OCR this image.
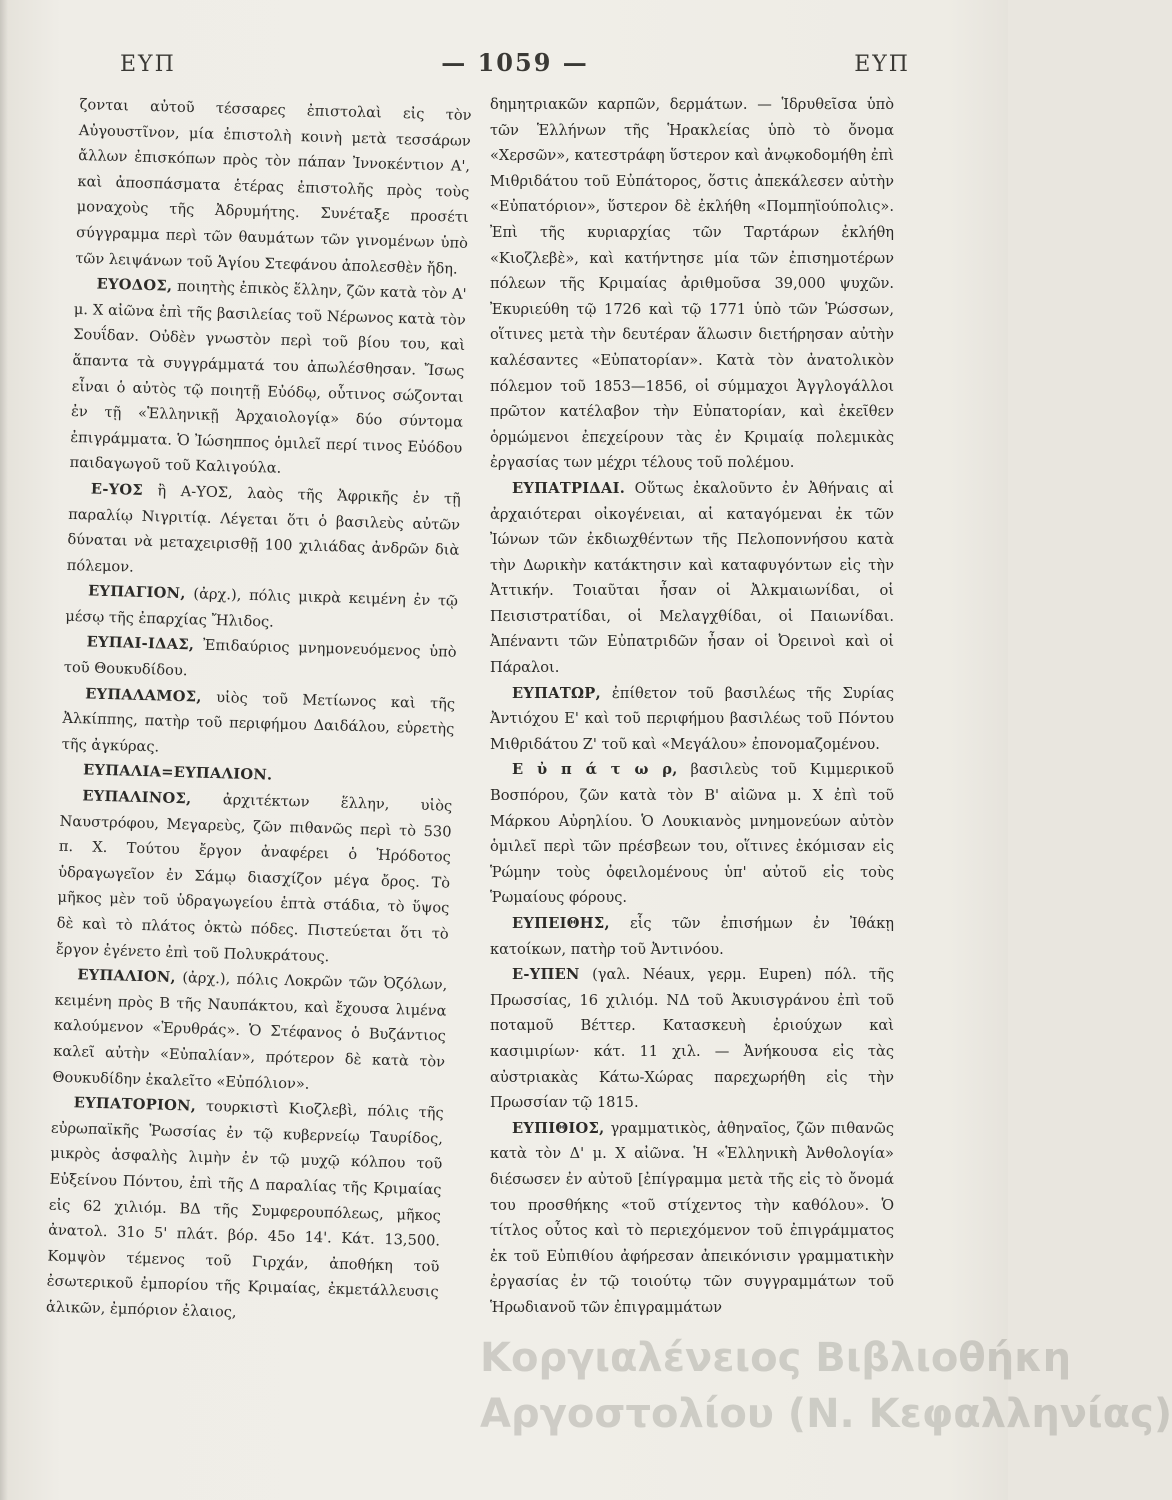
ΕΥΠ	— 1059 —	ΕΥΠ

ζονται αὐτοῦ τέσσαρες ἐπιστολαὶ εἰς τὸν Αὐγουστῖνον, μία ἐπιστολὴ κοινὴ μετὰ τεσσάρων ἄλλων ἐπισκόπων πρὸς τὸν πάπαν Ἰννοκέντιον Α', καὶ ἀποσπάσματα ἑτέρας ἐπιστολῆς πρὸς τοὺς μοναχοὺς τῆς Ἀδρυμήτης. Συνέταξε προσέτι σύγγραμμα περὶ τῶν θαυμάτων τῶν γινομένων ὑπὸ τῶν λειψάνων τοῦ Ἁγίου Στεφάνου ἀπολεσθὲν ἤδη.

ΕΥΟΔΟΣ, ποιητὴς ἐπικὸς ἕλλην, ζῶν κατὰ τὸν Α' μ. Χ αἰῶνα ἐπὶ τῆς βασιλείας τοῦ Νέρωνος κατὰ τὸν Σουΐδαν. Οὐδὲν γνωστὸν περὶ τοῦ βίου του, καὶ ἅπαντα τὰ συγγράμματά του ἀπωλέσθησαν. Ἴσως εἶναι ὁ αὐτὸς τῷ ποιητῇ Εὐόδῳ, οὗτινος σώζονται ἐν τῇ «Ἑλληνικῇ Ἀρχαιολογίᾳ» δύο σύντομα ἐπιγράμματα. Ὁ Ἰώσηππος ὁμιλεῖ περί τινος Εὐόδου παιδαγωγοῦ τοῦ Καλιγούλα.

Ε-ΥΟΣ ἢ Α-ΥΟΣ, λαὸς τῆς Ἀφρικῆς ἐν τῇ παραλίῳ Νιγριτίᾳ. Λέγεται ὅτι ὁ βασιλεὺς αὐτῶν δύναται νὰ μεταχειρισθῇ 100 χιλιάδας ἀνδρῶν διὰ πόλεμον.

ΕΥΠΑΓΙΟΝ, (ἀρχ.), πόλις μικρὰ κειμένη ἐν τῷ μέσῳ τῆς ἐπαρχίας Ἤλιδος.

ΕΥΠΑΙ-ΙΔΑΣ, Ἐπιδαύριος μνημονευόμενος ὑπὸ τοῦ Θουκυδίδου.

ΕΥΠΑΛΑΜΟΣ, υἱὸς τοῦ Μετίωνος καὶ τῆς Ἀλκίππης, πατὴρ τοῦ περιφήμου Δαιδάλου, εὑρετὴς τῆς ἀγκύρας.

ΕΥΠΑΛΙΑ=ΕΥΠΑΛΙΟΝ.

ΕΥΠΑΛΙΝΟΣ, ἀρχιτέκτων ἕλλην, υἱὸς Ναυστρόφου, Μεγαρεὺς, ζῶν πιθανῶς περὶ τὸ 530 π. Χ. Τούτου ἔργον ἀναφέρει ὁ Ἡρόδοτος ὑδραγωγεῖον ἐν Σάμῳ διασχίζον μέγα ὄρος. Τὸ μῆκος μὲν τοῦ ὑδραγωγείου ἑπτὰ στάδια, τὸ ὕψος δὲ καὶ τὸ πλάτος ὀκτὼ πόδες. Πιστεύεται ὅτι τὸ ἔργον ἐγένετο ἐπὶ τοῦ Πολυκράτους.

ΕΥΠΑΛΙΟΝ, (ἀρχ.), πόλις Λοκρῶν τῶν Ὀζόλων, κειμένη πρὸς Β τῆς Ναυπάκτου, καὶ ἔχουσα λιμένα καλούμενον «Ἐρυθράς». Ὁ Στέφανος ὁ Βυζάντιος καλεῖ αὐτὴν «Εὐπαλίαν», πρότερον δὲ κατὰ τὸν Θουκυδίδην ἐκαλεῖτο «Εὐπόλιον».

ΕΥΠΑΤΟΡΙΟΝ, τουρκιστὶ Κιοζλεβὶ, πόλις τῆς εὐρωπαϊκῆς Ῥωσσίας ἐν τῷ κυβερνείῳ Ταυρίδος, μικρὸς ἀσφαλὴς λιμὴν ἐν τῷ μυχῷ κόλπου τοῦ Εὐξείνου Πόντου, ἐπὶ τῆς Δ παραλίας τῆς Κριμαίας εἰς 62 χιλιόμ. ΒΔ τῆς Συμφερουπόλεως, μῆκος ἀνατολ. 31ο 5' πλάτ. βόρ. 45ο 14'. Κάτ. 13,500. Κομψὸν τέμενος τοῦ Γιρχάν, ἀποθήκη τοῦ ἐσωτερικοῦ ἐμπορίου τῆς Κριμαίας, ἐκμετάλλευσις ἁλικῶν, ἐμπόριον ἐλαιος,

δημητριακῶν καρπῶν, δερμάτων. — Ἱδρυθεῖσα ὑπὸ τῶν Ἑλλήνων τῆς Ἡρακλείας ὑπὸ τὸ ὄνομα «Χερσῶν», κατεστράφη ὕστερον καὶ ἀνῳκοδομήθη ἐπὶ Μιθριδάτου τοῦ Εὐπάτορος, ὅστις ἀπεκάλεσεν αὐτὴν «Εὐπατόριον», ὕστερον δὲ ἐκλήθη «Πομπηϊούπολις». Ἐπὶ τῆς κυριαρχίας τῶν Ταρτάρων ἐκλήθη «Κιοζλεβὲ», καὶ κατήντησε μία τῶν ἐπισημοτέρων πόλεων τῆς Κριμαίας ἀριθμοῦσα 39,000 ψυχῶν. Ἐκυριεύθη τῷ 1726 καὶ τῷ 1771 ὑπὸ τῶν Ῥώσσων, οἵτινες μετὰ τὴν δευτέραν ἅλωσιν διετήρησαν αὐτὴν καλέσαντες «Εὐπατορίαν». Κατὰ τὸν ἀνατολικὸν πόλεμον τοῦ 1853—1856, οἱ σύμμαχοι Ἀγγλογάλλοι πρῶτον κατέλαβον τὴν Εὐπατορίαν, καὶ ἐκεῖθεν ὁρμώμενοι ἐπεχείρουν τὰς ἐν Κριμαίᾳ πολεμικὰς ἐργασίας των μέχρι τέλους τοῦ πολέμου.

ΕΥΠΑΤΡΙΔΑΙ. Οὕτως ἐκαλοῦντο ἐν Ἀθήναις αἱ ἀρχαιότεραι οἰκογένειαι, αἱ καταγόμεναι ἐκ τῶν Ἰώνων τῶν ἐκδιωχθέντων τῆς Πελοποννήσου κατὰ τὴν Δωρικὴν κατάκτησιν καὶ καταφυγόντων εἰς τὴν Ἀττικήν. Τοιαῦται ἦσαν οἱ Ἀλκμαιωνίδαι, οἱ Πεισιστρατίδαι, οἱ Μελαγχθίδαι, οἱ Παιωνίδαι. Ἀπέναντι τῶν Εὐπατριδῶν ἦσαν οἱ Ὀρεινοὶ καὶ οἱ Πάραλοι.

ΕΥΠΑΤΩΡ, ἐπίθετον τοῦ βασιλέως τῆς Συρίας Ἀντιόχου Ε' καὶ τοῦ περιφήμου βασιλέως τοῦ Πόντου Μιθριδάτου Ζ' τοῦ καὶ «Μεγάλου» ἐπονομαζομένου.

Ε ὐ π ά τ ω ρ, βασιλεὺς τοῦ Κιμμερικοῦ Βοσπόρου, ζῶν κατὰ τὸν Β' αἰῶνα μ. Χ ἐπὶ τοῦ Μάρκου Αὐρηλίου. Ὁ Λουκιανὸς μνημονεύων αὐτὸν ὁμιλεῖ περὶ τῶν πρέσβεων του, οἵτινες ἐκόμισαν εἰς Ῥώμην τοὺς ὀφειλομένους ὑπ' αὐτοῦ εἰς τοὺς Ῥωμαίους φόρους.

ΕΥΠΕΙΘΗΣ, εἷς τῶν ἐπισήμων ἐν Ἰθάκῃ κατοίκων, πατὴρ τοῦ Ἀντινόου.

Ε-ΥΠΕΝ (γαλ. Néaux, γερμ. Eupen) πόλ. τῆς Πρωσσίας, 16 χιλιόμ. ΝΔ τοῦ Ἀκυισγράνου ἐπὶ τοῦ ποταμοῦ Βέττερ. Κατασκευὴ ἐριούχων καὶ κασιμιρίων· κάτ. 11 χιλ. — Ἀνήκουσα εἰς τὰς αὐστριακὰς Κάτω-Χώρας παρεχωρήθη εἰς τὴν Πρωσσίαν τῷ 1815.

ΕΥΠΙΘΙΟΣ, γραμματικὸς, ἀθηναῖος, ζῶν πιθανῶς κατὰ τὸν Δ' μ. Χ αἰῶνα. Ἡ «Ἑλληνικὴ Ἀνθολογία» διέσωσεν ἐν αὐτοῦ [ἐπίγραμμα μετὰ τῆς εἰς τὸ ὄνομά του προσθήκης «τοῦ στίχεντος τὴν καθόλου». Ὁ τίτλος οὗτος καὶ τὸ περιεχόμενον τοῦ ἐπιγράμματος ἐκ τοῦ Εὐπιθίου ἀφήρεσαν ἀπεικόνισιν γραμματικὴν ἐργασίας ἐν τῷ τοιούτῳ τῶν συγγραμμάτων τοῦ Ἡρωδιανοῦ τῶν ἐπιγραμμάτων

Κοργιαλένειος Βιβλιοθήκη
Αργοστολίου (Ν. Κεφαλληνίας)
